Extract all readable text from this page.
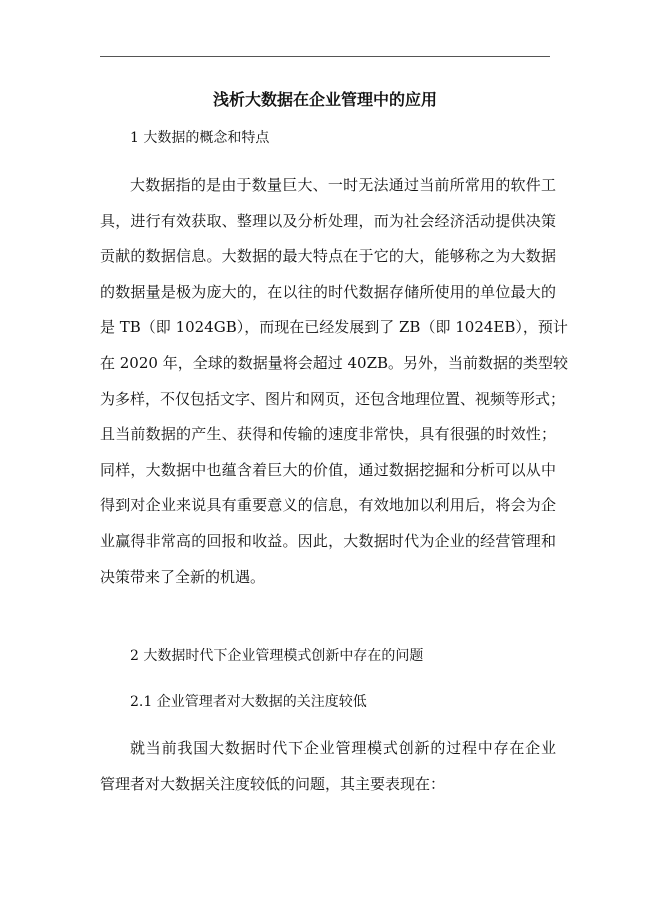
浅析大数据在企业管理中的应用
1 大数据的概念和特点
大数据指的是由于数量巨大、一时无法通过当前所常用的软件工
具，进行有效获取、整理以及分析处理，而为社会经济活动提供决策
贡献的数据信息。大数据的最大特点在于它的大，能够称之为大数据
的数据量是极为庞大的，在以往的时代数据存储所使用的单位最大的
是 TB（即 1024GB），而现在已经发展到了 ZB（即 1024EB），预计
在 2020 年，全球的数据量将会超过 40ZB。另外，当前数据的类型较
为多样，不仅包括文字、图片和网页，还包含地理位置、视频等形式；
且当前数据的产生、获得和传输的速度非常快，具有很强的时效性；
同样，大数据中也蕴含着巨大的价值，通过数据挖掘和分析可以从中
得到对企业来说具有重要意义的信息，有效地加以利用后，将会为企
业赢得非常高的回报和收益。因此，大数据时代为企业的经营管理和
决策带来了全新的机遇。
2 大数据时代下企业管理模式创新中存在的问题
2.1 企业管理者对大数据的关注度较低
就当前我国大数据时代下企业管理模式创新的过程中存在企业
管理者对大数据关注度较低的问题，其主要表现在：
